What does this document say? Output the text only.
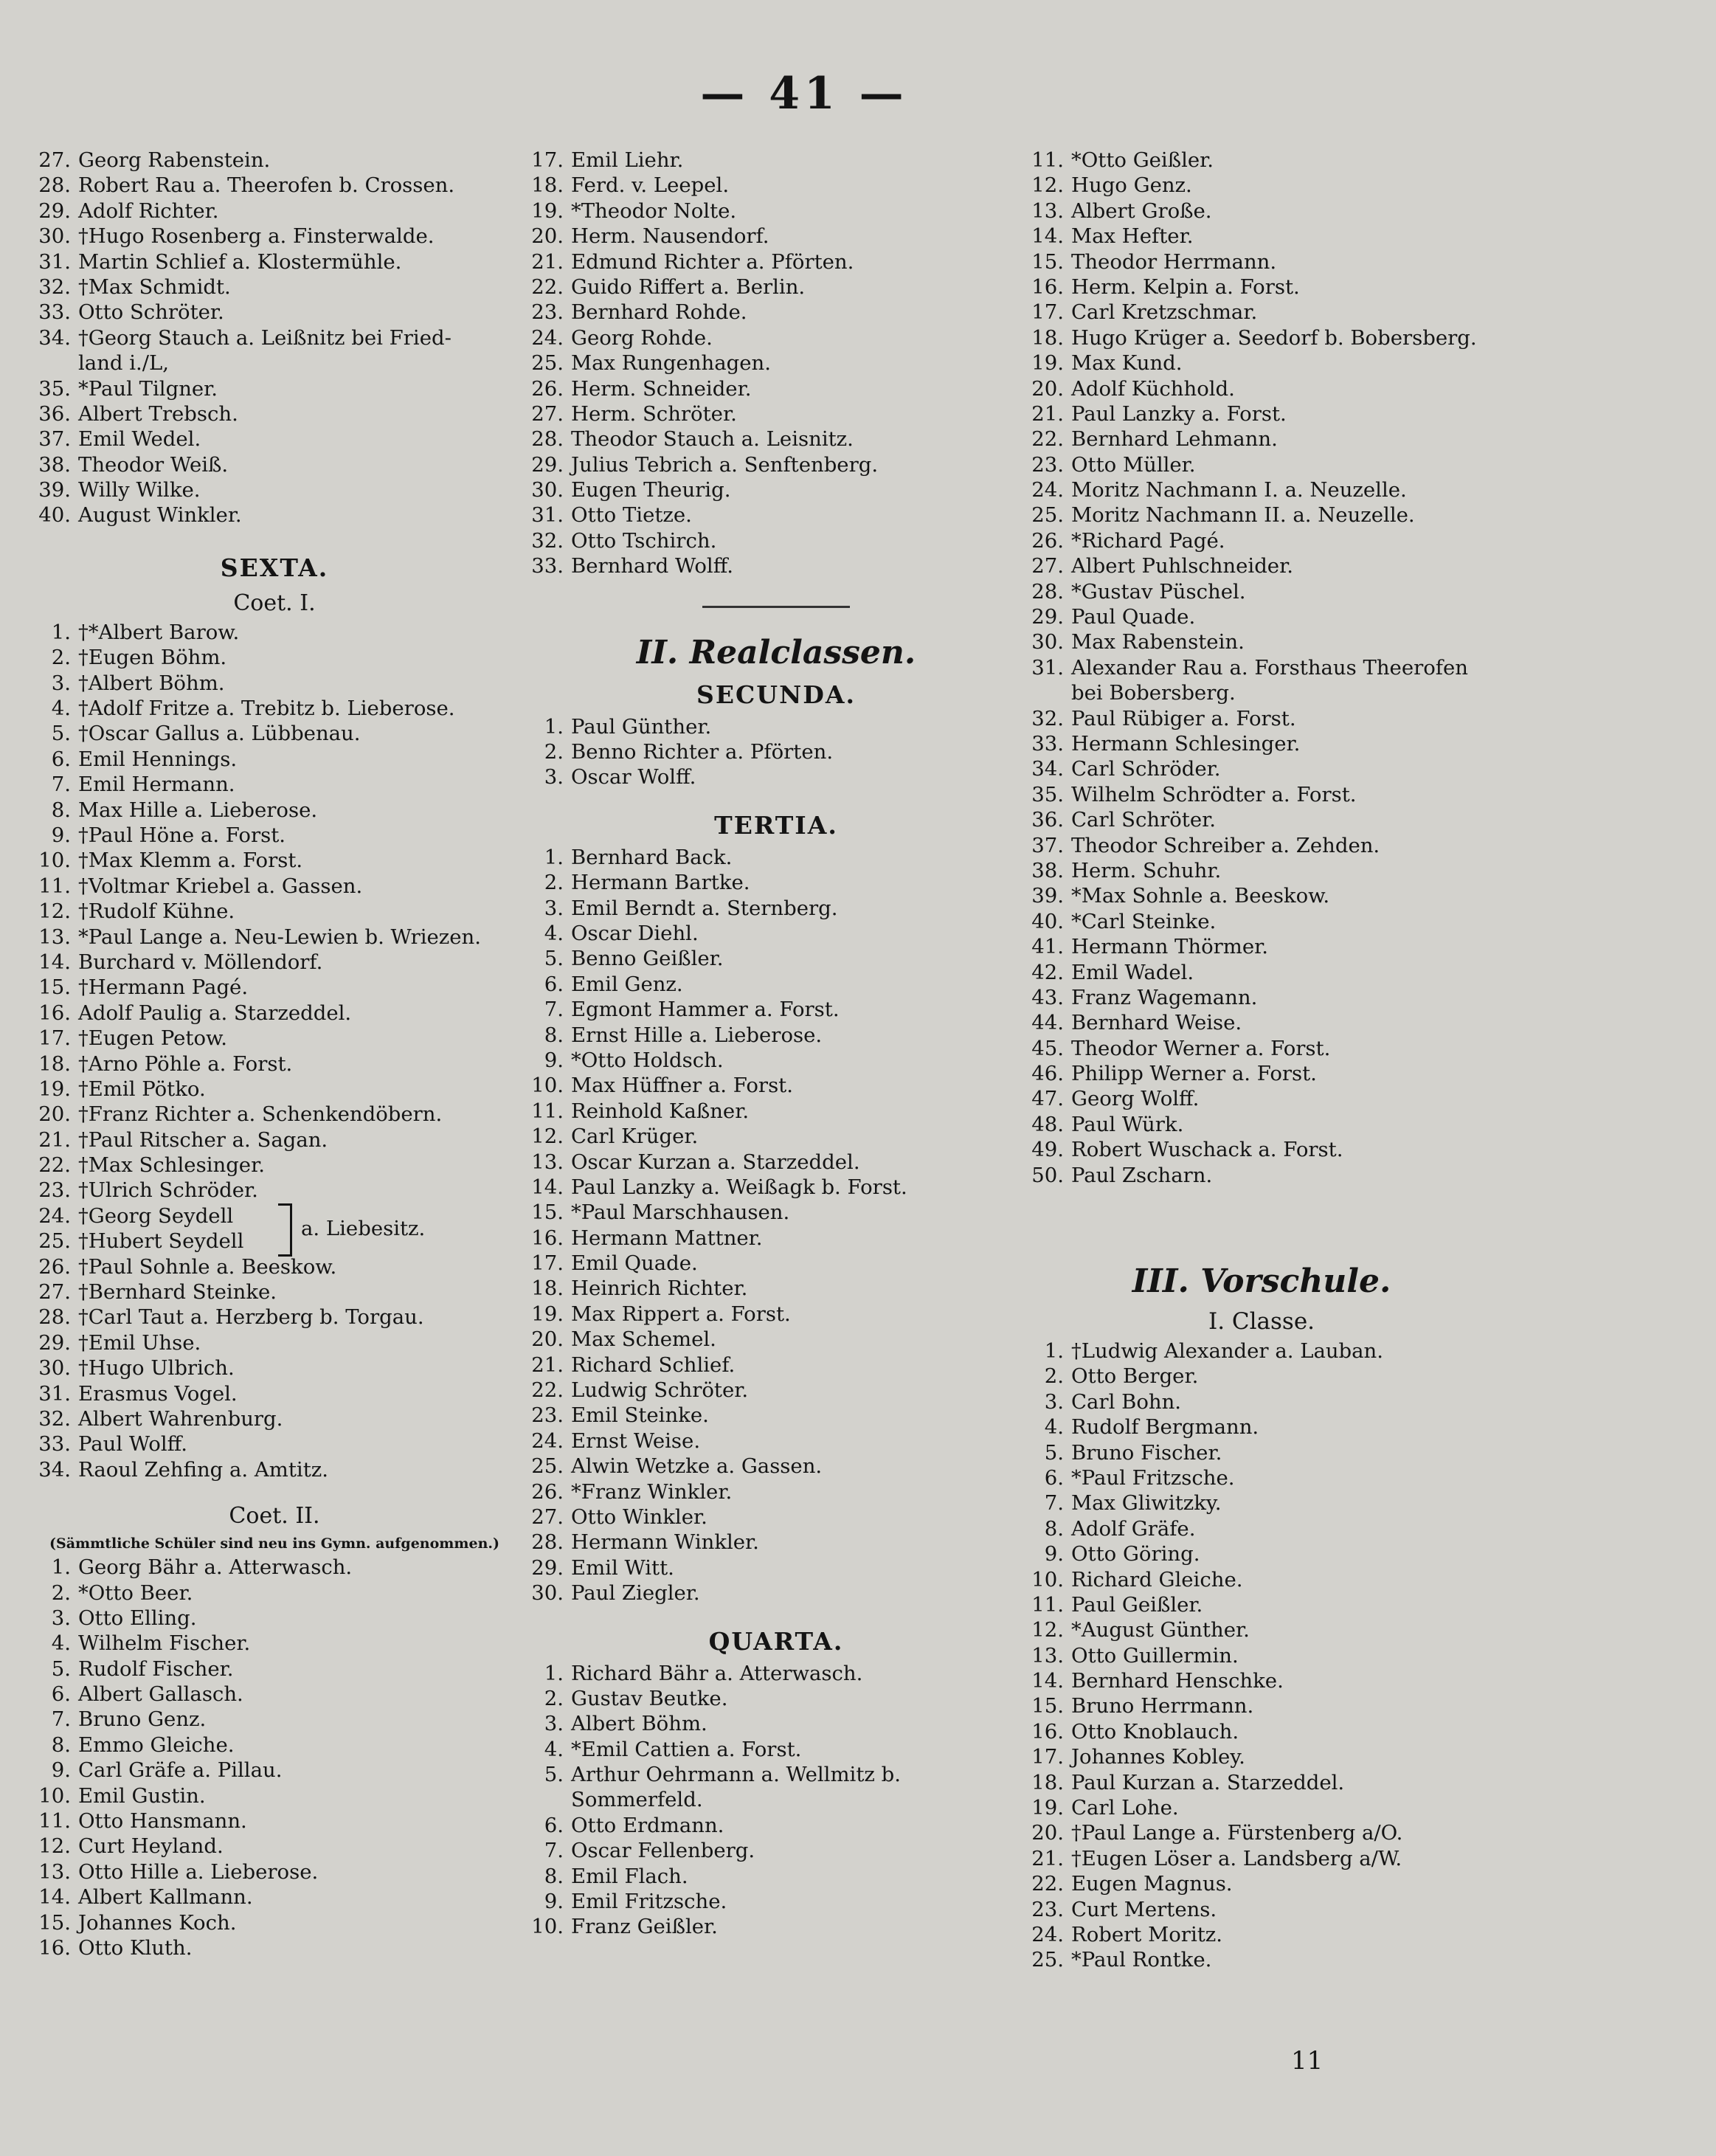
— 41 —
27. Georg Rabenstein.
28. Robert Rau a. Theerofen b. Crossen.
29. Adolf Richter.
30. †Hugo Rosenberg a. Finsterwalde.
31. Martin Schlief a. Klostermühle.
32. †Max Schmidt.
33. Otto Schröter.
34. †Georg Stauch a. Leißnitz bei Fried-
land i./L,
35. *Paul Tilgner.
36. Albert Trebsch.
37. Emil Wedel.
38. Theodor Weiß.
39. Willy Wilke.
40. August Winkler.
SEXTA.
Coet. I.
1. †*Albert Barow.
2. †Eugen Böhm.
3. †Albert Böhm.
4. †Adolf Fritze a. Trebitz b. Lieberose.
5. †Oscar Gallus a. Lübbenau.
6. Emil Hennings.
7. Emil Hermann.
8. Max Hille a. Lieberose.
9. †Paul Höne a. Forst.
10. †Max Klemm a. Forst.
11. †Voltmar Kriebel a. Gassen.
12. †Rudolf Kühne.
13. *Paul Lange a. Neu-Lewien b. Wriezen.
14. Burchard v. Möllendorf.
15. †Hermann Pagé.
16. Adolf Paulig a. Starzeddel.
17. †Eugen Petow.
18. †Arno Pöhle a. Forst.
19. †Emil Pötko.
20. †Franz Richter a. Schenkendöbern.
21. †Paul Ritscher a. Sagan.
22. †Max Schlesinger.
23. †Ulrich Schröder.
24. †Georg Seydell
25. †Hubert Seydell
a. Liebesitz.
26. †Paul Sohnle a. Beeskow.
27. †Bernhard Steinke.
28. †Carl Taut a. Herzberg b. Torgau.
29. †Emil Uhse.
30. †Hugo Ulbrich.
31. Erasmus Vogel.
32. Albert Wahrenburg.
33. Paul Wolff.
34. Raoul Zehfing a. Amtitz.
Coet. II.
(Sämmtliche Schüler sind neu ins Gymn. aufgenommen.)
1. Georg Bähr a. Atterwasch.
2. *Otto Beer.
3. Otto Elling.
4. Wilhelm Fischer.
5. Rudolf Fischer.
6. Albert Gallasch.
7. Bruno Genz.
8. Emmo Gleiche.
9. Carl Gräfe a. Pillau.
10. Emil Gustin.
11. Otto Hansmann.
12. Curt Heyland.
13. Otto Hille a. Lieberose.
14. Albert Kallmann.
15. Johannes Koch.
16. Otto Kluth.
17. Emil Liehr.
18. Ferd. v. Leepel.
19. *Theodor Nolte.
20. Herm. Nausendorf.
21. Edmund Richter a. Pförten.
22. Guido Riffert a. Berlin.
23. Bernhard Rohde.
24. Georg Rohde.
25. Max Rungenhagen.
26. Herm. Schneider.
27. Herm. Schröter.
28. Theodor Stauch a. Leisnitz.
29. Julius Tebrich a. Senftenberg.
30. Eugen Theurig.
31. Otto Tietze.
32. Otto Tschirch.
33. Bernhard Wolff.
II. Realclassen.
SECUNDA.
1. Paul Günther.
2. Benno Richter a. Pförten.
3. Oscar Wolff.
TERTIA.
1. Bernhard Back.
2. Hermann Bartke.
3. Emil Berndt a. Sternberg.
4. Oscar Diehl.
5. Benno Geißler.
6. Emil Genz.
7. Egmont Hammer a. Forst.
8. Ernst Hille a. Lieberose.
9. *Otto Holdsch.
10. Max Hüffner a. Forst.
11. Reinhold Kaßner.
12. Carl Krüger.
13. Oscar Kurzan a. Starzeddel.
14. Paul Lanzky a. Weißagk b. Forst.
15. *Paul Marschhausen.
16. Hermann Mattner.
17. Emil Quade.
18. Heinrich Richter.
19. Max Rippert a. Forst.
20. Max Schemel.
21. Richard Schlief.
22. Ludwig Schröter.
23. Emil Steinke.
24. Ernst Weise.
25. Alwin Wetzke a. Gassen.
26. *Franz Winkler.
27. Otto Winkler.
28. Hermann Winkler.
29. Emil Witt.
30. Paul Ziegler.
QUARTA.
1. Richard Bähr a. Atterwasch.
2. Gustav Beutke.
3. Albert Böhm.
4. *Emil Cattien a. Forst.
5. Arthur Oehrmann a. Wellmitz b.
Sommerfeld.
6. Otto Erdmann.
7. Oscar Fellenberg.
8. Emil Flach.
9. Emil Fritzsche.
10. Franz Geißler.
11. *Otto Geißler.
12. Hugo Genz.
13. Albert Große.
14. Max Hefter.
15. Theodor Herrmann.
16. Herm. Kelpin a. Forst.
17. Carl Kretzschmar.
18. Hugo Krüger a. Seedorf b. Bobersberg.
19. Max Kund.
20. Adolf Küchhold.
21. Paul Lanzky a. Forst.
22. Bernhard Lehmann.
23. Otto Müller.
24. Moritz Nachmann I. a. Neuzelle.
25. Moritz Nachmann II. a. Neuzelle.
26. *Richard Pagé.
27. Albert Puhlschneider.
28. *Gustav Püschel.
29. Paul Quade.
30. Max Rabenstein.
31. Alexander Rau a. Forsthaus Theerofen
bei Bobersberg.
32. Paul Rübiger a. Forst.
33. Hermann Schlesinger.
34. Carl Schröder.
35. Wilhelm Schrödter a. Forst.
36. Carl Schröter.
37. Theodor Schreiber a. Zehden.
38. Herm. Schuhr.
39. *Max Sohnle a. Beeskow.
40. *Carl Steinke.
41. Hermann Thörmer.
42. Emil Wadel.
43. Franz Wagemann.
44. Bernhard Weise.
45. Theodor Werner a. Forst.
46. Philipp Werner a. Forst.
47. Georg Wolff.
48. Paul Würk.
49. Robert Wuschack a. Forst.
50. Paul Zscharn.
III. Vorschule.
I. Classe.
1. †Ludwig Alexander a. Lauban.
2. Otto Berger.
3. Carl Bohn.
4. Rudolf Bergmann.
5. Bruno Fischer.
6. *Paul Fritzsche.
7. Max Gliwitzky.
8. Adolf Gräfe.
9. Otto Göring.
10. Richard Gleiche.
11. Paul Geißler.
12. *August Günther.
13. Otto Guillermin.
14. Bernhard Henschke.
15. Bruno Herrmann.
16. Otto Knoblauch.
17. Johannes Kobley.
18. Paul Kurzan a. Starzeddel.
19. Carl Lohe.
20. †Paul Lange a. Fürstenberg a/O.
21. †Eugen Löser a. Landsberg a/W.
22. Eugen Magnus.
23. Curt Mertens.
24. Robert Moritz.
25. *Paul Rontke.
11
